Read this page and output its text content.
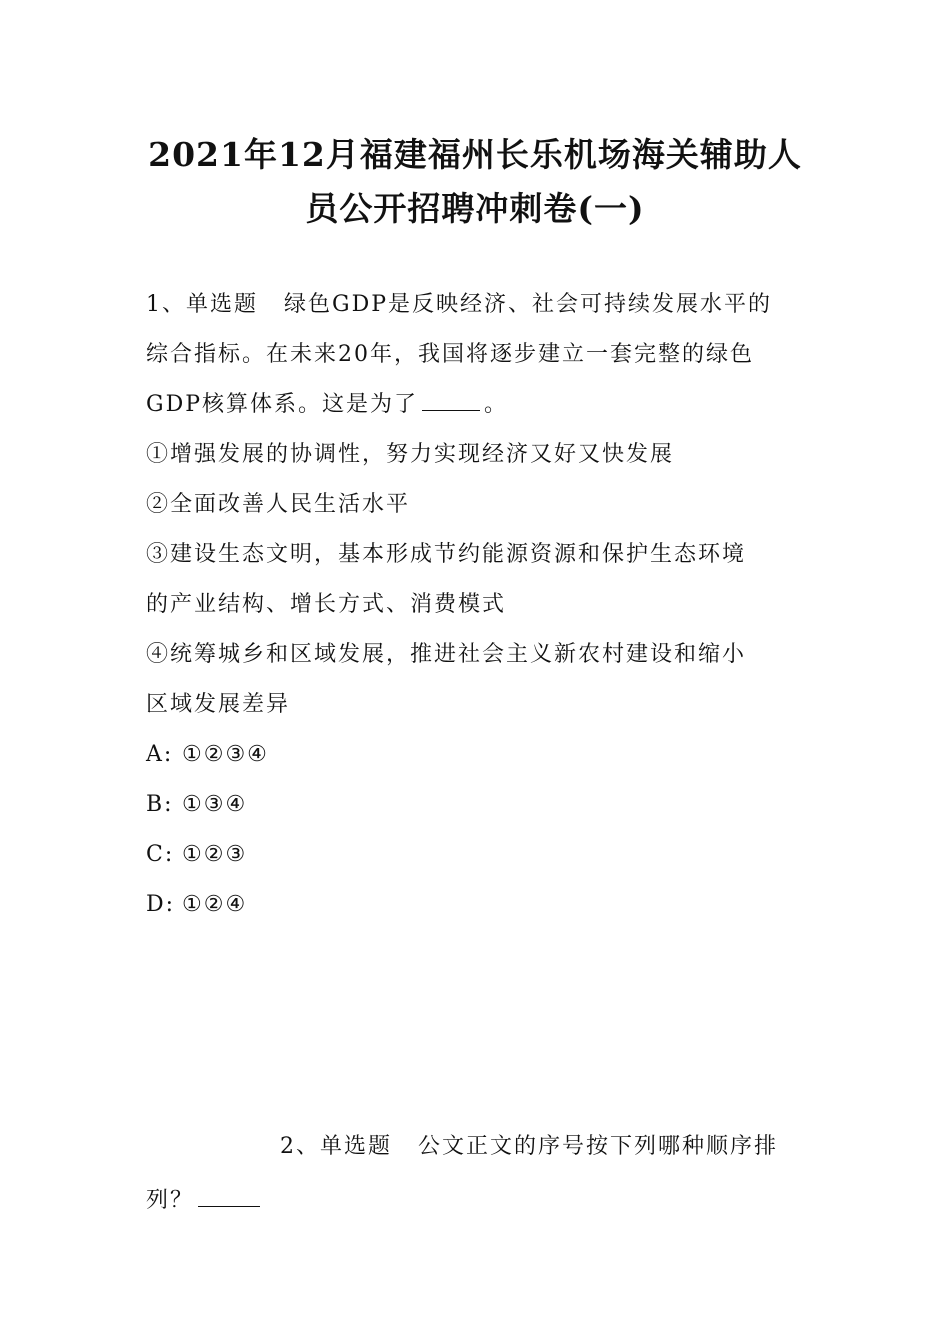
2021年12月福建福州长乐机场海关辅助人
员公开招聘冲刺卷(一)

1、单选题 绿色GDP是反映经济、社会可持续发展水平的

综合指标。在未来20年，我国将逐步建立一套完整的绿色

GDP核算体系。这是为了	。

①增强发展的协调性，努力实现经济又好又快发展

②全面改善人民生活水平

③建设生态文明，基本形成节约能源资源和保护生态环境

的产业结构、增长方式、消费模式

④统筹城乡和区域发展，推进社会主义新农村建设和缩小

区域发展差异

A: ①②③④

B: ①③④

C: ①②③

D: ①②④

2、单选题 公文正文的序号按下列哪种顺序排

列？
